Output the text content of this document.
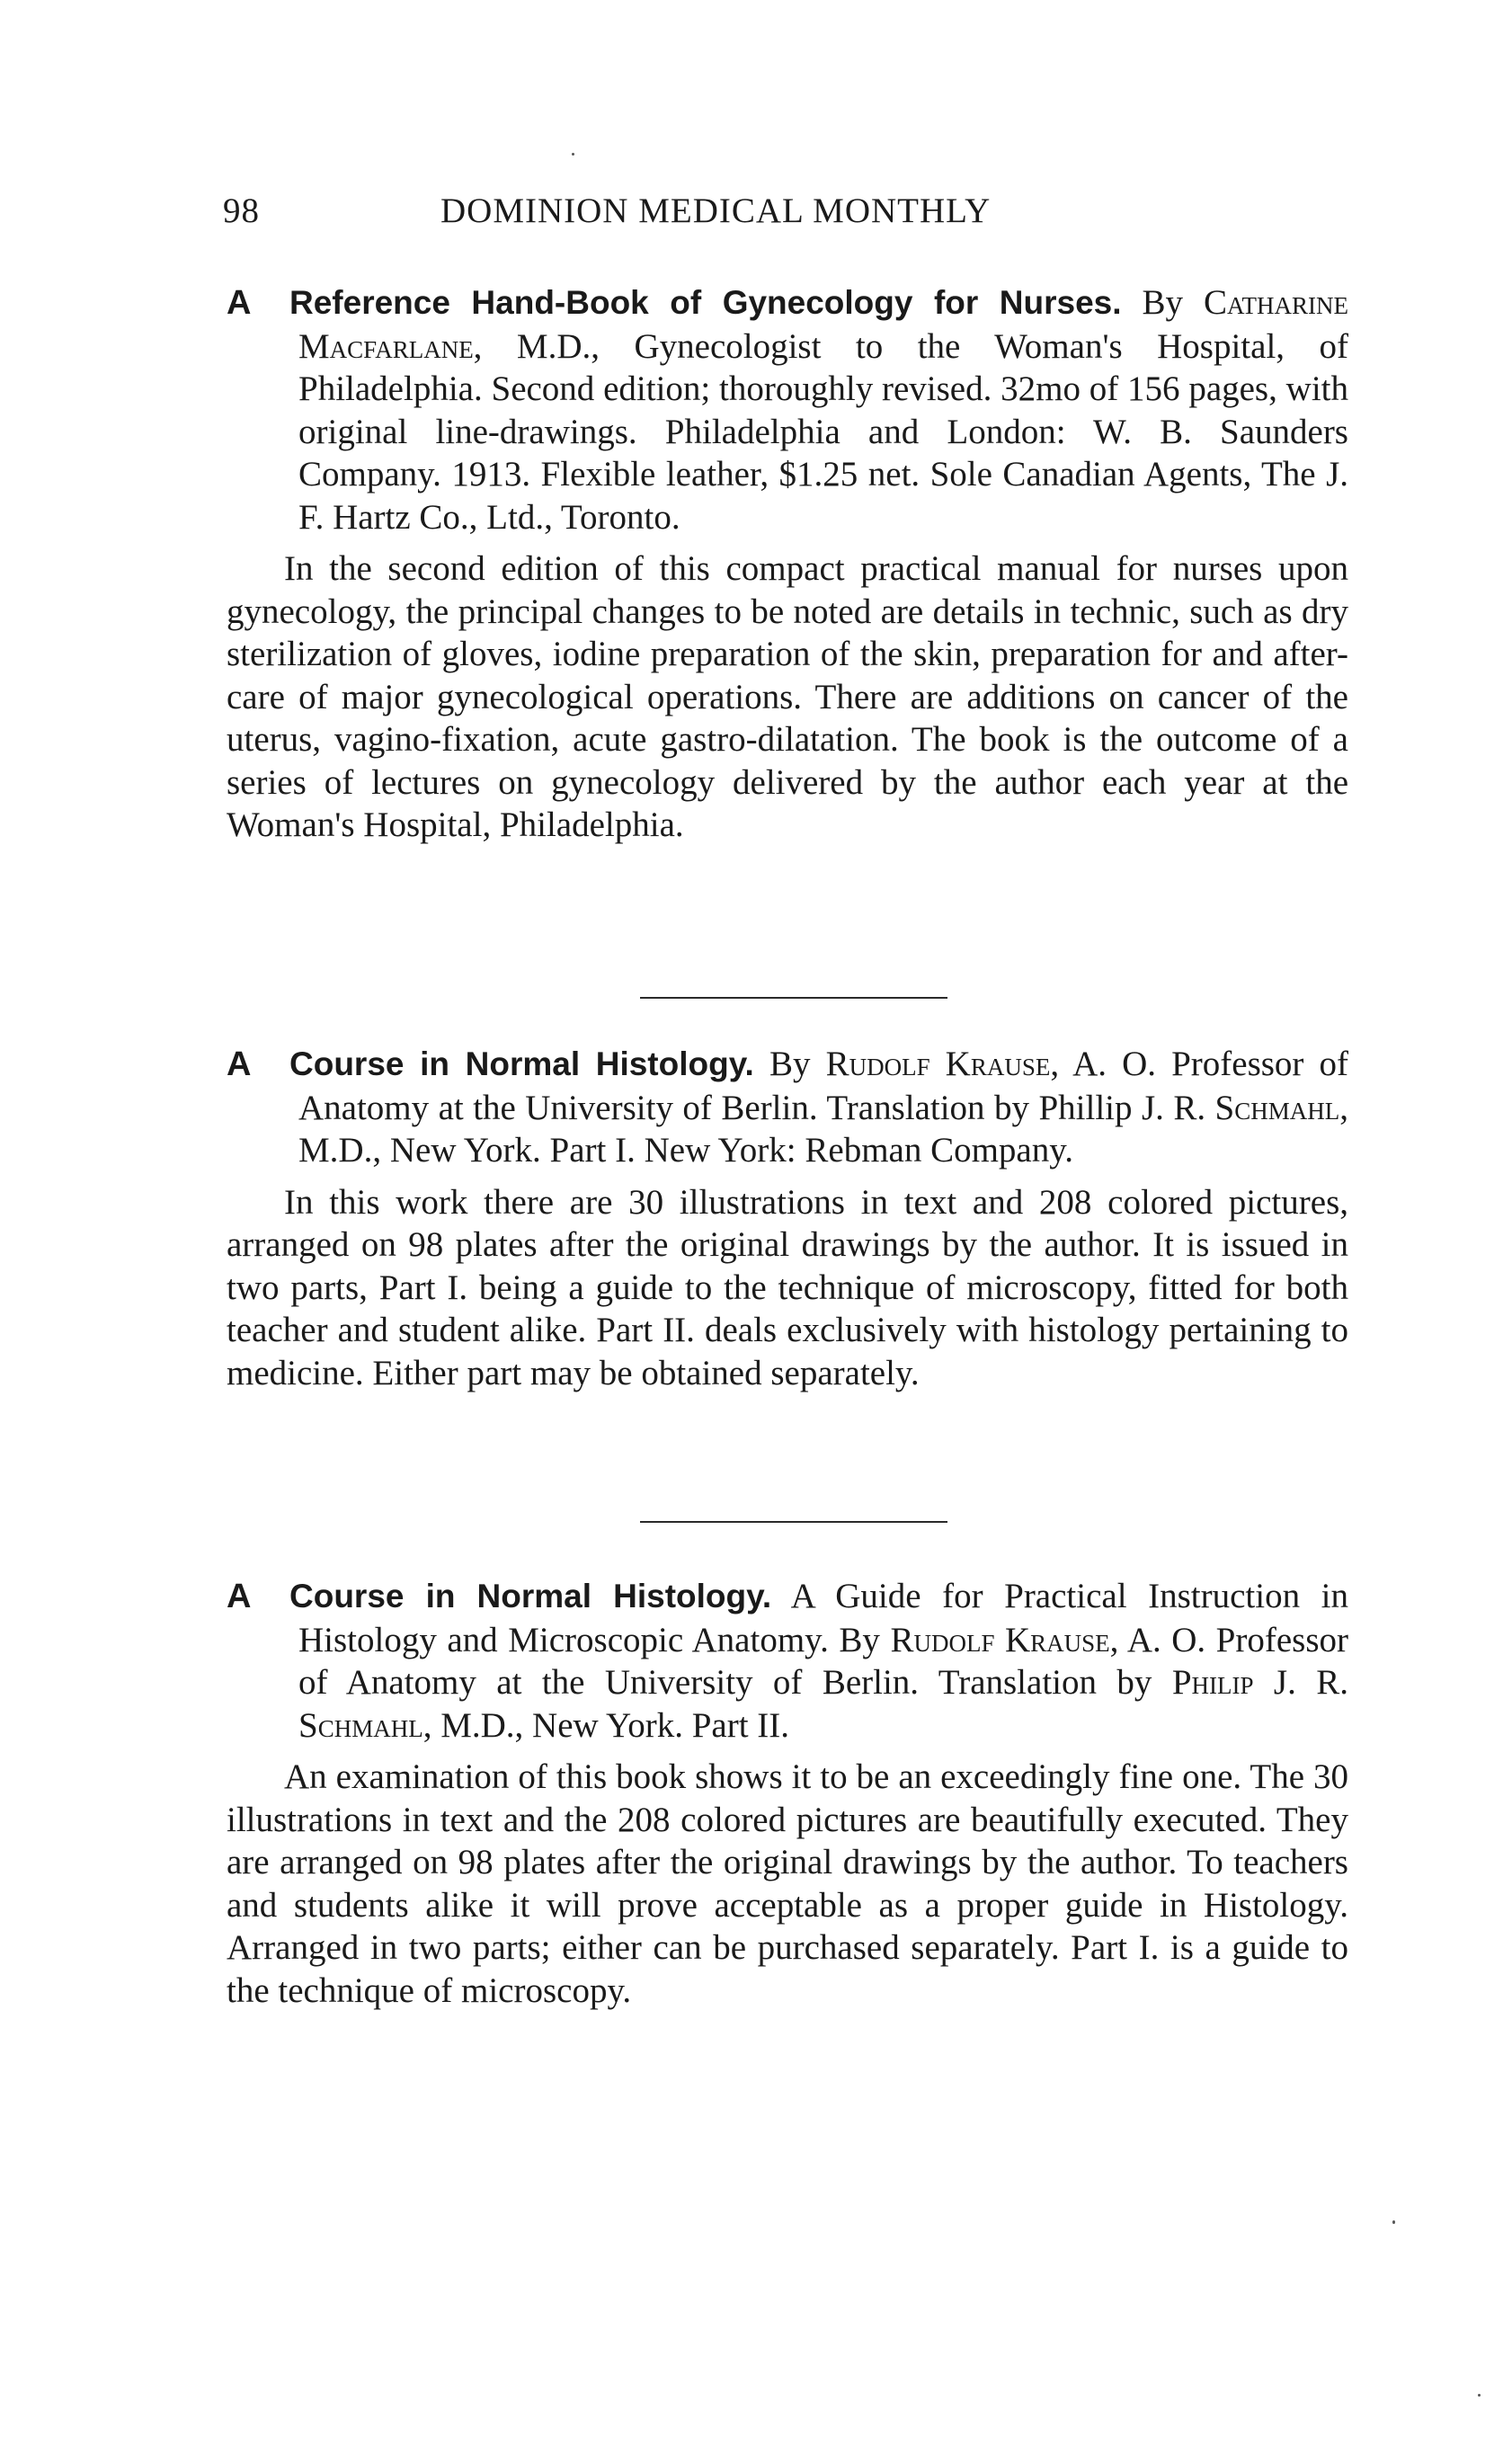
98	DOMINION MEDICAL MONTHLY
A Reference Hand-Book of Gynecology for Nurses. By Catharine Macfarlane, M.D., Gynecologist to the Woman's Hospital, of Philadelphia. Second edition; thoroughly revised. 32mo of 156 pages, with original line-drawings. Philadelphia and London: W. B. Saunders Company. 1913. Flexible leather, $1.25 net. Sole Canadian Agents, The J. F. Hartz Co., Ltd., Toronto.

In the second edition of this compact practical manual for nurses upon gynecology, the principal changes to be noted are details in technic, such as dry sterilization of gloves, iodine preparation of the skin, preparation for and after-care of major gynecological operations. There are additions on cancer of the uterus, vagino-fixation, acute gastro-dilatation. The book is the outcome of a series of lectures on gynecology delivered by the author each year at the Woman's Hospital, Philadelphia.

A Course in Normal Histology. By Rudolf Krause, A. O. Professor of Anatomy at the University of Berlin. Translation by Phillip J. R. Schmahl, M.D., New York. Part I. New York: Rebman Company.

In this work there are 30 illustrations in text and 208 colored pictures, arranged on 98 plates after the original drawings by the author. It is issued in two parts, Part I. being a guide to the technique of microscopy, fitted for both teacher and student alike. Part II. deals exclusively with histology pertaining to medicine. Either part may be obtained separately.

A Course in Normal Histology. A Guide for Practical Instruction in Histology and Microscopic Anatomy. By Rudolf Krause, A. O. Professor of Anatomy at the University of Berlin. Translation by Philip J. R. Schmahl, M.D., New York. Part II.

An examination of this book shows it to be an exceedingly fine one. The 30 illustrations in text and the 208 colored pictures are beautifully executed. They are arranged on 98 plates after the original drawings by the author. To teachers and students alike it will prove acceptable as a proper guide in Histology. Arranged in two parts; either can be purchased separately. Part I. is a guide to the technique of microscopy.
